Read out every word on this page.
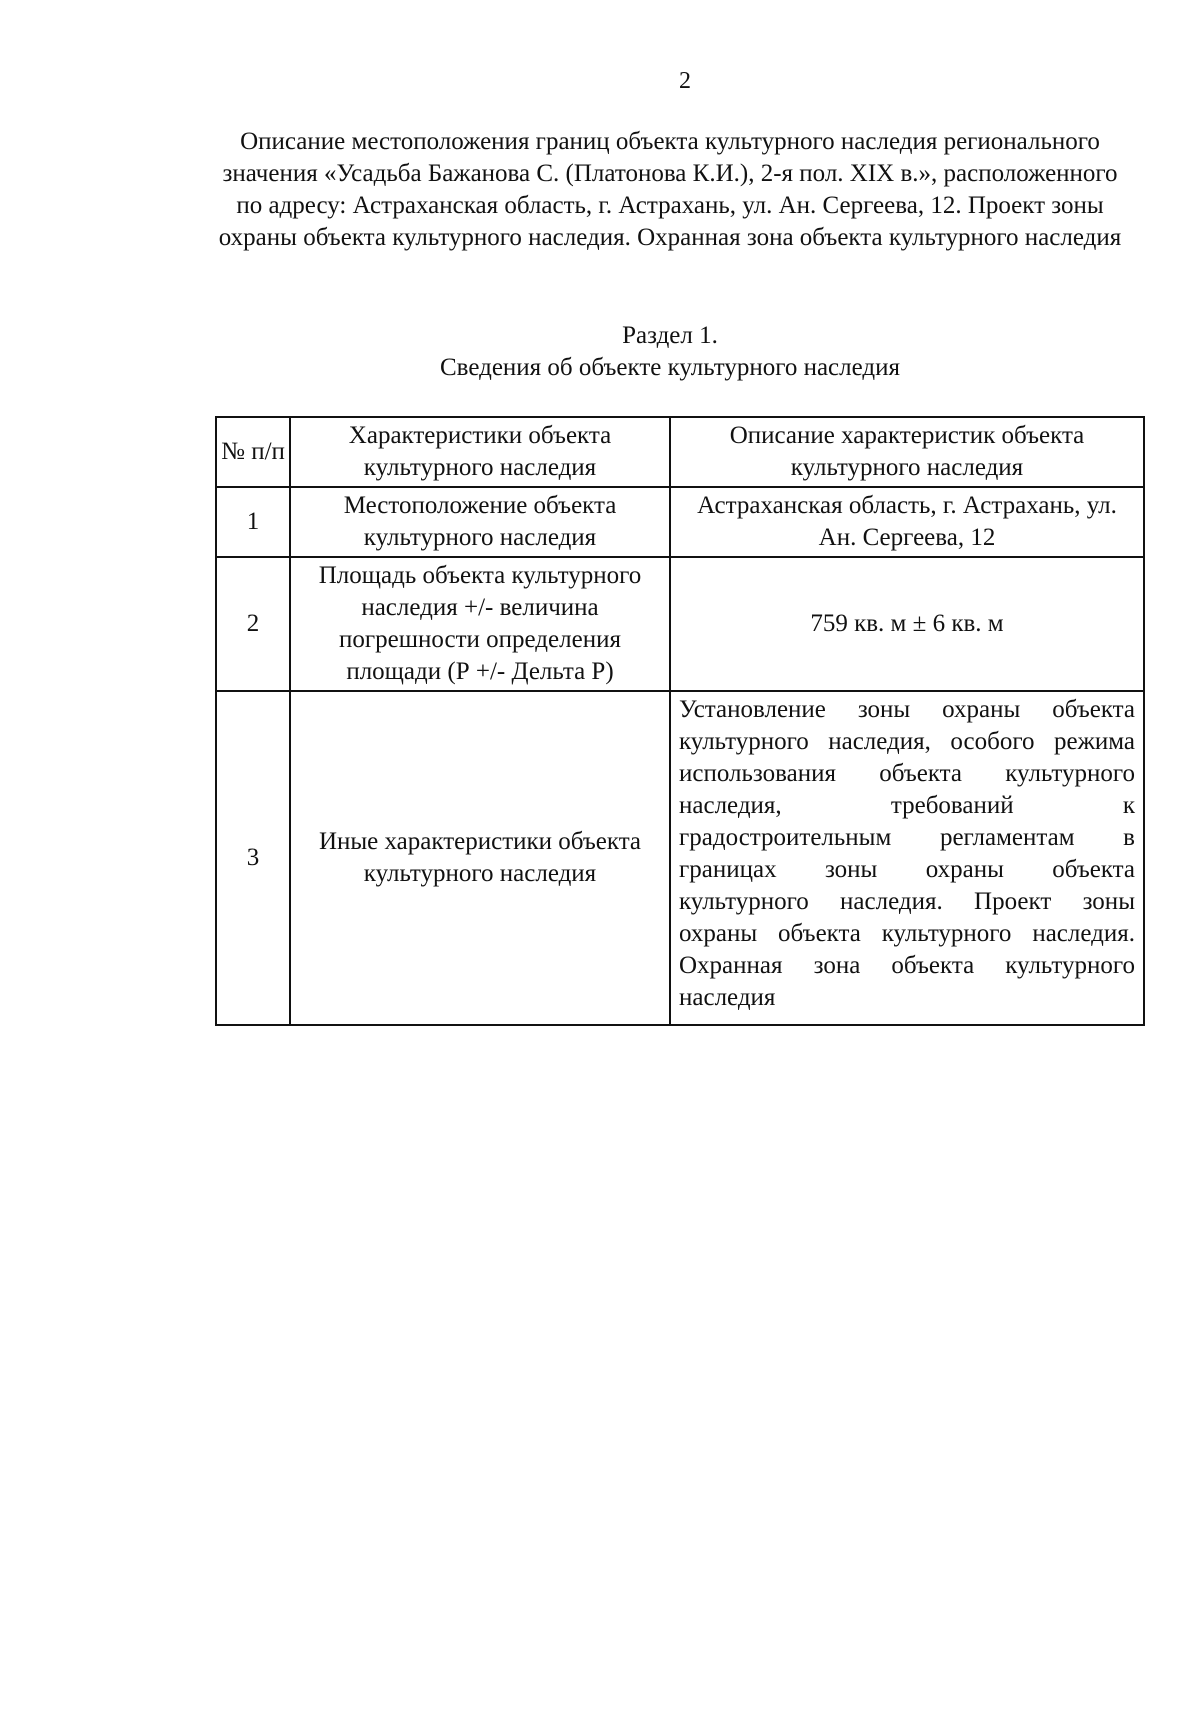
2
Описание местоположения границ объекта культурного наследия регионального значения «Усадьба Бажанова С. (Платонова К.И.), 2-я пол. XIX в.», расположенного по адресу: Астраханская область, г. Астрахань, ул. Ан. Сергеева, 12. Проект зоны охраны объекта культурного наследия. Охранная зона объекта культурного наследия
Раздел 1.
Сведения об объекте культурного наследия
№ п/п	Характеристики объекта культурного наследия	Описание характеристик объекта культурного наследия
1	Местоположение объекта культурного наследия	Астраханская область, г. Астрахань, ул. Ан. Сергеева, 12
2	Площадь объекта культурного наследия +/- величина погрешности определения площади (Р +/- Дельта Р)	759 кв. м ± 6 кв. м
3	Иные характеристики объекта культурного наследия	Установление зоны охраны объекта культурного наследия, особого режима использования объекта культурного наследия, требований к градостроительным регламентам в границах зоны охраны объекта культурного наследия. Проект зоны охраны объекта культурного наследия. Охранная зона объекта культурного наследия
